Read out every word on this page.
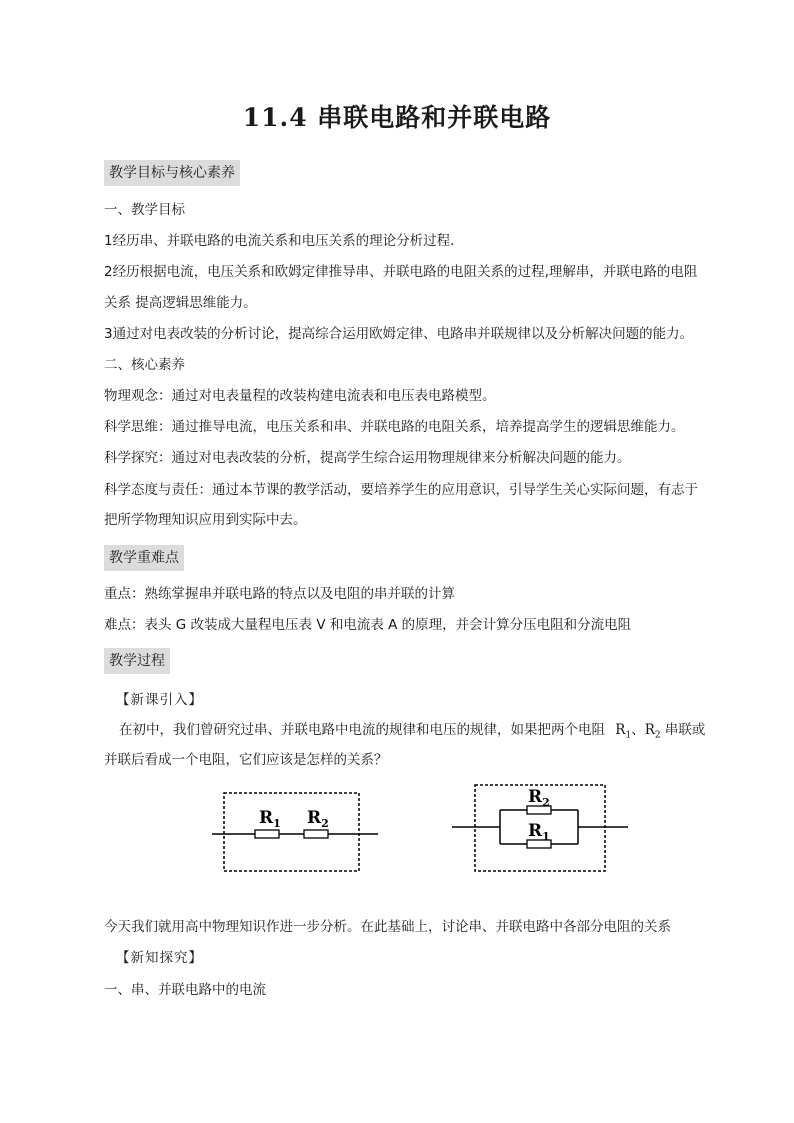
11.4 串联电路和并联电路
教学目标与核心素养
一、教学目标
1经历串、并联电路的电流关系和电压关系的理论分析过程．
2经历根据电流，电压关系和欧姆定律推导串、并联电路的电阻关系的过程,理解串，并联电路的电阻
关系 提高逻辑思维能力。
3通过对电表改装的分析讨论，提高综合运用欧姆定律、电路串并联规律以及分析解决问题的能力。
二、核心素养
物理观念：通过对电表量程的改装构建电流表和电压表电路模型。
科学思维：通过推导电流，电压关系和串、并联电路的电阻关系，培养提高学生的逻辑思维能力。
科学探究：通过对电表改装的分析，提高学生综合运用物理规律来分析解决问题的能力。
科学态度与责任：通过本节课的教学活动，要培养学生的应用意识，引导学生关心实际问题，有志于
把所学物理知识应用到实际中去。
教学重难点
重点：熟练掌握串并联电路的特点以及电阻的串并联的计算
难点：表头 G 改装成大量程电压表 V 和电流表 A 的原理，并会计算分压电阻和分流电阻
教学过程
【新课引入】
在初中，我们曾研究过串、并联电路中电流的规律和电压的规律，如果把两个电阻 $R_1$、$R_2$ 串联或
并联后看成一个电阻，它们应该是怎样的关系？
$R_1$ $R_2$
$R_2$
$R_1$
今天我们就用高中物理知识作进一步分析。在此基础上，讨论串、并联电路中各部分电阻的关系
【新知探究】
一、串、并联电路中的电流
